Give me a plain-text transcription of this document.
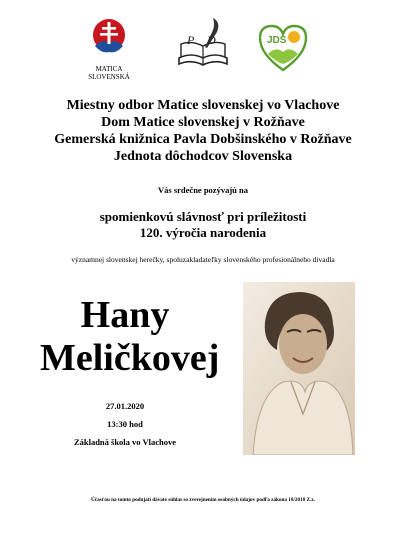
MATICA
SLOVENSKÁ
P D	JDS
Miestny odbor Matice slovenskej vo Vlachove
Dom Matice slovenskej v Rožňave
Gemerská knižnica Pavla Dobšinského v Rožňave
Jednota dôchodcov Slovenska
Vás srdečne pozývajú na
spomienkovú slávnosť pri príležitosti
120. výročia narodenia
významnej slovenskej herečky, spoluzakladateľky slovenského profesionálneho divadla
Hany
Meličkovej
27.01.2020
13:30 hod
Základná škola vo Vlachove
Účasťou na tomto podujatí dávate súhlas so zverejnením osobných údajov podľa zákona 18/2018 Z.z.
